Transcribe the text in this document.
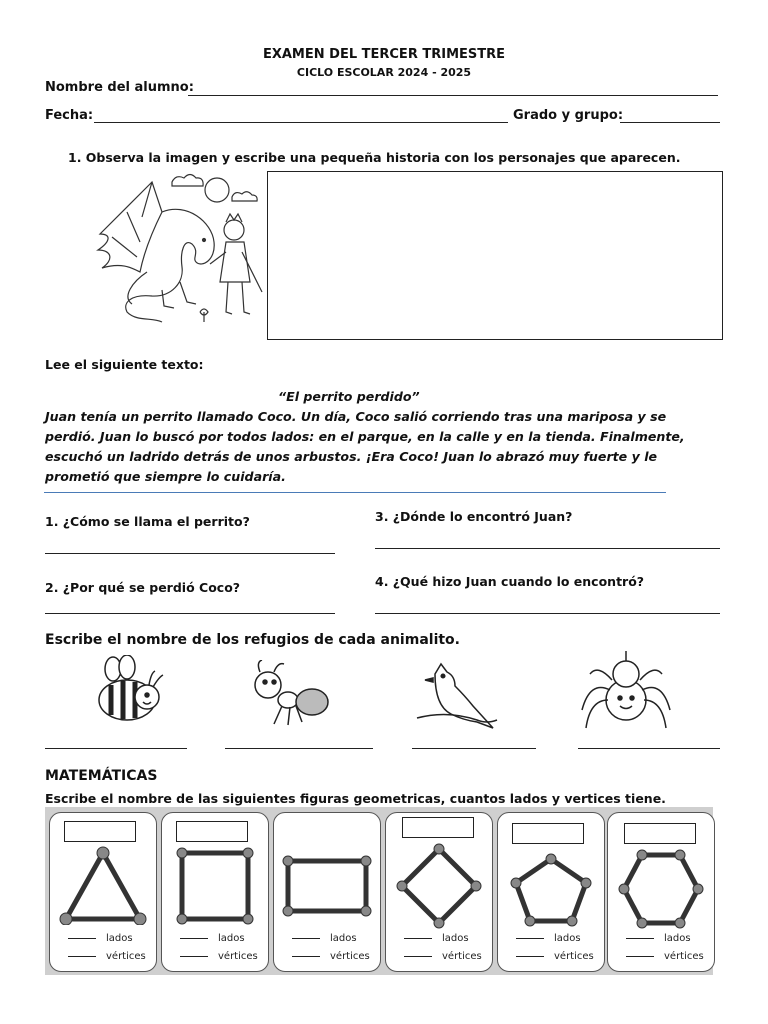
EXAMEN DEL TERCER TRIMESTRE
CICLO ESCOLAR 2024 - 2025
Nombre del alumno:
Fecha:	Grado y grupo:
1. Observa la imagen y escribe una pequeña historia con los personajes que aparecen.
Lee el siguiente texto:
“El perrito perdido”
Juan tenía un perrito llamado Coco. Un día, Coco salió corriendo tras una mariposa y se
perdió. Juan lo buscó por todos lados: en el parque, en la calle y en la tienda. Finalmente,
escuchó un ladrido detrás de unos arbustos. ¡Era Coco! Juan lo abrazó muy fuerte y le
prometió que siempre lo cuidaría.
1. ¿Cómo se llama el perrito?
2. ¿Por qué se perdió Coco?
3. ¿Dónde lo encontró Juan?
4. ¿Qué hizo Juan cuando lo encontró?
Escribe el nombre de los refugios de cada animalito.
MATEMÁTICAS
Escribe el nombre de las siguientes figuras geometricas, cuantos lados y vertices tiene.
lados
vértices
lados
vértices
lados
vértices
lados
vértices
lados
vértices
lados
vértices
